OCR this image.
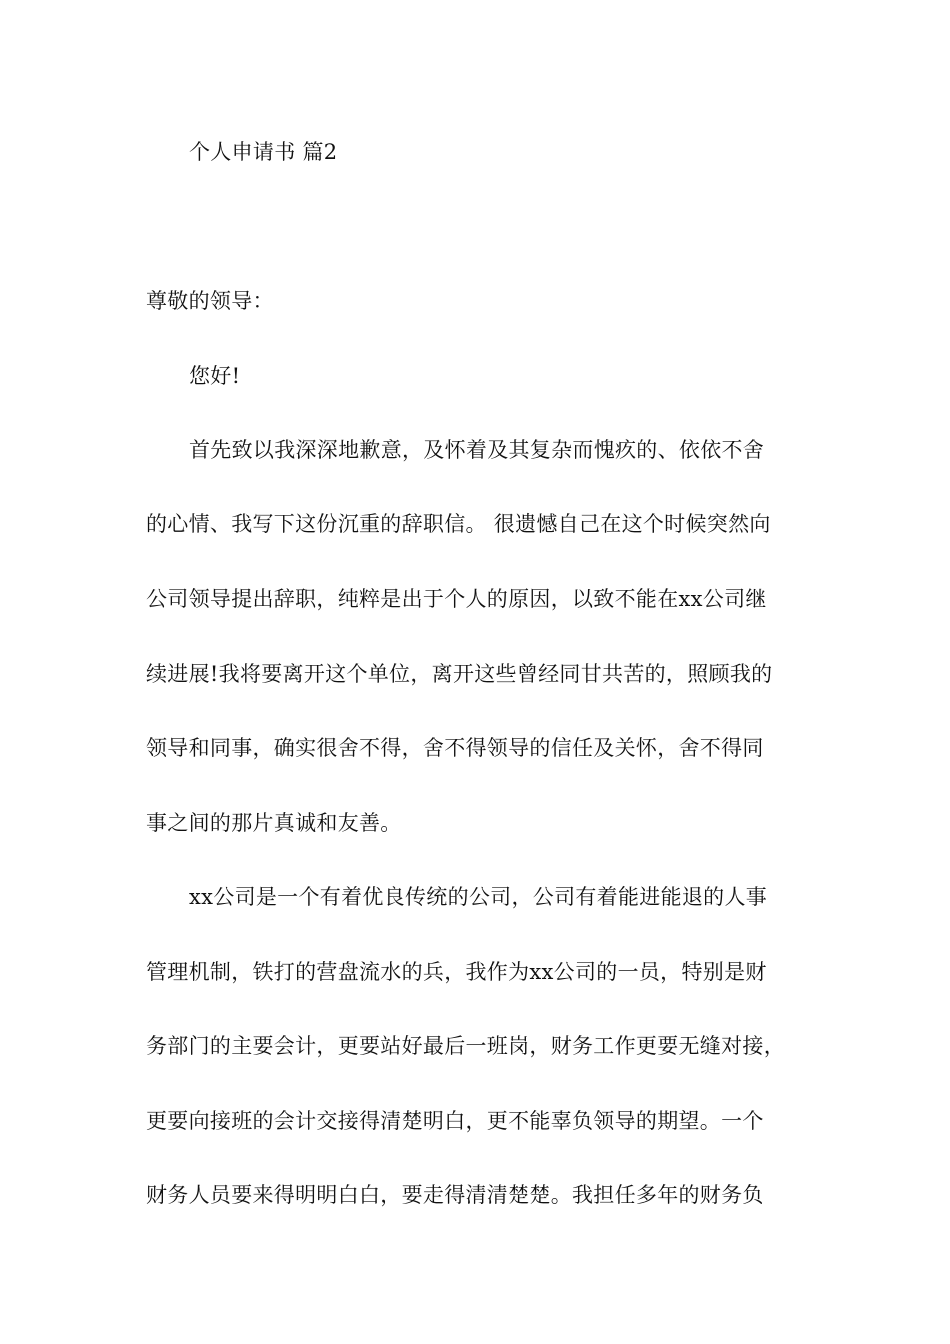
个人申请书 篇2
尊敬的领导：
您好!
首先致以我深深地歉意，及怀着及其复杂而愧疚的、依依不舍
的心情、我写下这份沉重的辞职信。 很遗憾自己在这个时候突然向
公司领导提出辞职，纯粹是出于个人的原因，以致不能在xx公司继
续进展!我将要离开这个单位，离开这些曾经同甘共苦的，照顾我的
领导和同事，确实很舍不得，舍不得领导的信任及关怀，舍不得同
事之间的那片真诚和友善。
xx公司是一个有着优良传统的公司，公司有着能进能退的人事
管理机制，铁打的营盘流水的兵，我作为xx公司的一员，特别是财
务部门的主要会计，更要站好最后一班岗，财务工作更要无缝对接，
更要向接班的会计交接得清楚明白，更不能辜负领导的期望。一个
财务人员要来得明明白白，要走得清清楚楚。我担任多年的财务负
